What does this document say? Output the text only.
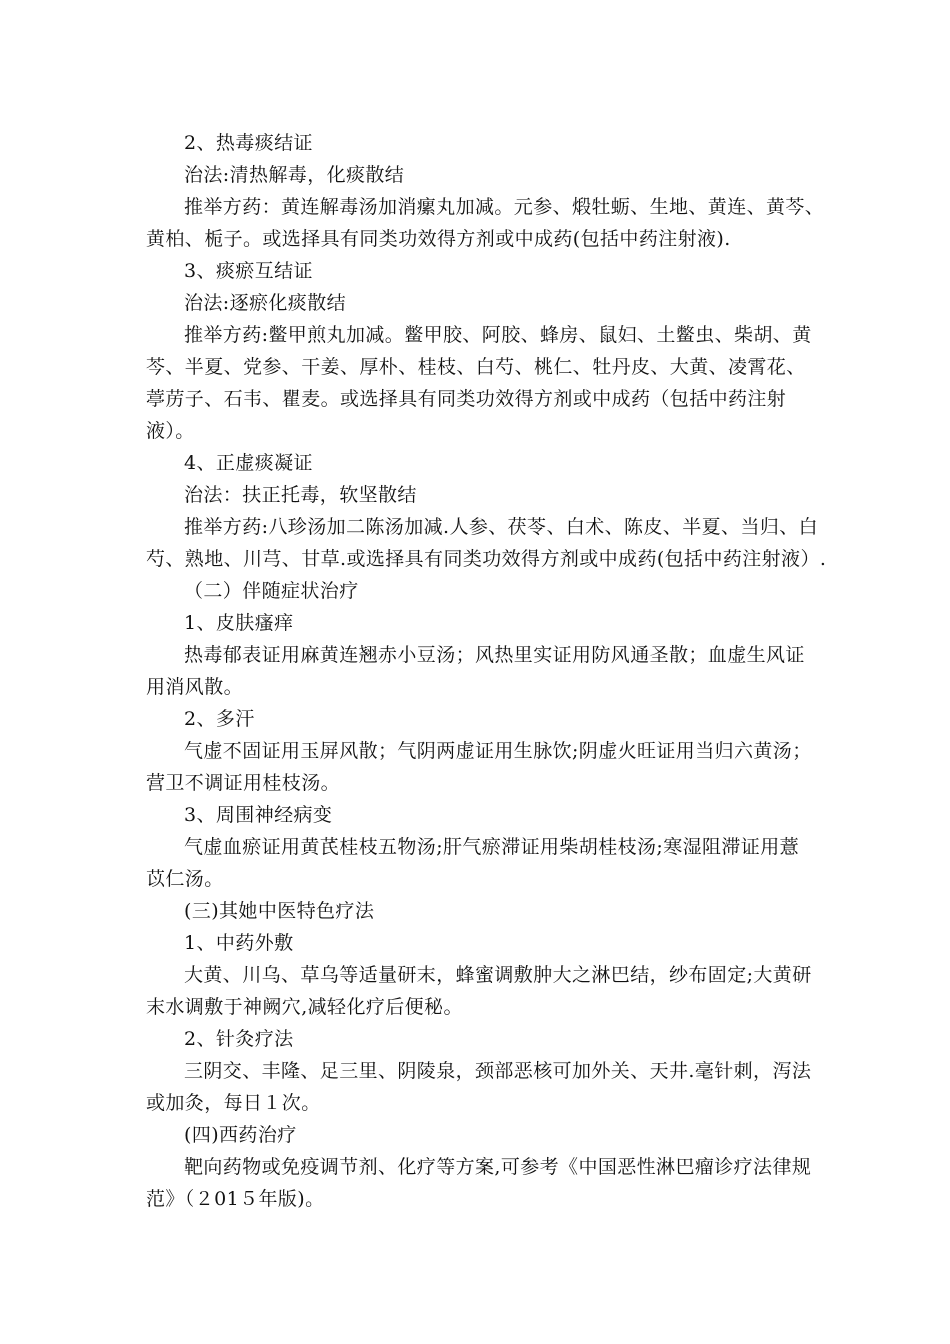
2、热毒痰结证
治法:清热解毒，化痰散结
推举方药：黄连解毒汤加消瘰丸加减。元参、煅牡蛎、生地、黄连、黄芩、
黄柏、栀子。或选择具有同类功效得方剂或中成药(包括中药注射液).
3、痰瘀互结证
治法:逐瘀化痰散结
推举方药:鳖甲煎丸加减。鳖甲胶、阿胶、蜂房、鼠妇、土鳖虫、柴胡、黄
芩、半夏、党参、干姜、厚朴、桂枝、白芍、桃仁、牡丹皮、大黄、凌霄花、
葶苈子、石韦、瞿麦。或选择具有同类功效得方剂或中成药（包括中药注射
液）。
4、正虚痰凝证
治法：扶正托毒，软坚散结
推举方药:八珍汤加二陈汤加减.人参、茯苓、白术、陈皮、半夏、当归、白
芍、熟地、川芎、甘草.或选择具有同类功效得方剂或中成药(包括中药注射液）.
（二）伴随症状治疗
1、皮肤瘙痒
热毒郁表证用麻黄连翘赤小豆汤；风热里实证用防风通圣散；血虚生风证
用消风散。
2、多汗
气虚不固证用玉屏风散；气阴两虚证用生脉饮;阴虚火旺证用当归六黄汤；
营卫不调证用桂枝汤。
3、周围神经病变
气虚血瘀证用黄芪桂枝五物汤;肝气瘀滞证用柴胡桂枝汤;寒湿阻滞证用薏
苡仁汤。
(三)其她中医特色疗法
1、中药外敷
大黄、川乌、草乌等适量研末，蜂蜜调敷肿大之淋巴结，纱布固定;大黄研
末水调敷于神阙穴,减轻化疗后便秘。
2、针灸疗法
三阴交、丰隆、足三里、阴陵泉，颈部恶核可加外关、天井.毫针刺，泻法
或加灸，每日１次。
(四)西药治疗
靶向药物或免疫调节剂、化疗等方案,可参考《中国恶性淋巴瘤诊疗法律规
范》（２01５年版)。
